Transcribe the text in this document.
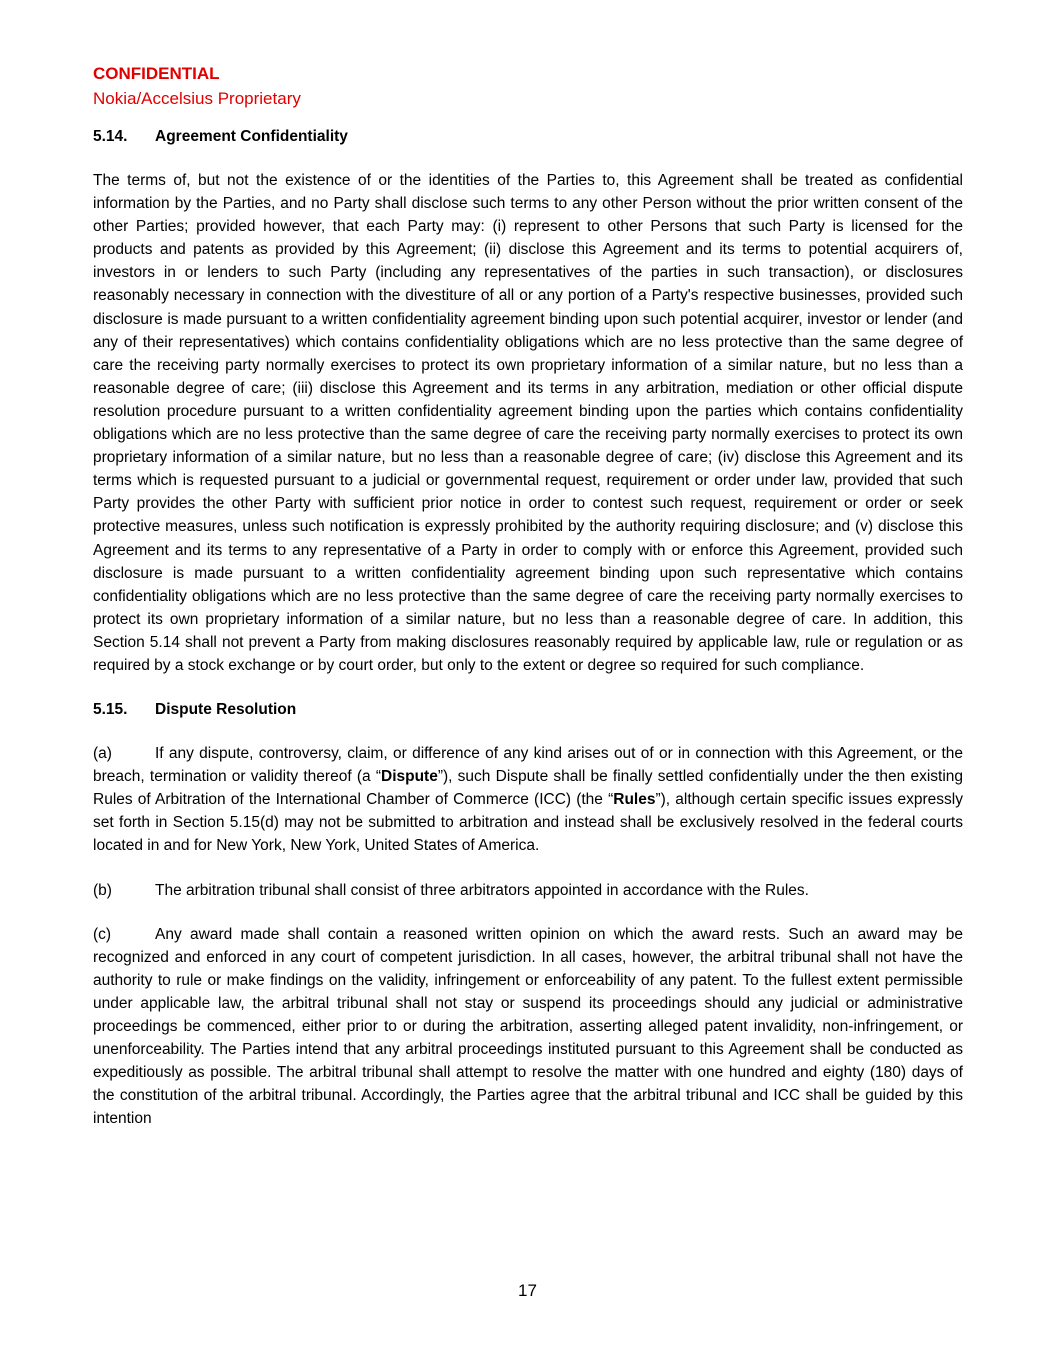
CONFIDENTIAL
Nokia/Accelsius Proprietary
5.14. Agreement Confidentiality
The terms of, but not the existence of or the identities of the Parties to, this Agreement shall be treated as confidential information by the Parties, and no Party shall disclose such terms to any other Person without the prior written consent of the other Parties; provided however, that each Party may: (i) represent to other Persons that such Party is licensed for the products and patents as provided by this Agreement; (ii) disclose this Agreement and its terms to potential acquirers of, investors in or lenders to such Party (including any representatives of the parties in such transaction), or disclosures reasonably necessary in connection with the divestiture of all or any portion of a Party's respective businesses, provided such disclosure is made pursuant to a written confidentiality agreement binding upon such potential acquirer, investor or lender (and any of their representatives) which contains confidentiality obligations which are no less protective than the same degree of care the receiving party normally exercises to protect its own proprietary information of a similar nature, but no less than a reasonable degree of care; (iii) disclose this Agreement and its terms in any arbitration, mediation or other official dispute resolution procedure pursuant to a written confidentiality agreement binding upon the parties which contains confidentiality obligations which are no less protective than the same degree of care the receiving party normally exercises to protect its own proprietary information of a similar nature, but no less than a reasonable degree of care; (iv) disclose this Agreement and its terms which is requested pursuant to a judicial or governmental request, requirement or order under law, provided that such Party provides the other Party with sufficient prior notice in order to contest such request, requirement or order or seek protective measures, unless such notification is expressly prohibited by the authority requiring disclosure; and (v) disclose this Agreement and its terms to any representative of a Party in order to comply with or enforce this Agreement, provided such disclosure is made pursuant to a written confidentiality agreement binding upon such representative which contains confidentiality obligations which are no less protective than the same degree of care the receiving party normally exercises to protect its own proprietary information of a similar nature, but no less than a reasonable degree of care. In addition, this Section 5.14 shall not prevent a Party from making disclosures reasonably required by applicable law, rule or regulation or as required by a stock exchange or by court order, but only to the extent or degree so required for such compliance.
5.15. Dispute Resolution
(a)	If any dispute, controversy, claim, or difference of any kind arises out of or in connection with this Agreement, or the breach, termination or validity thereof (a “Dispute”), such Dispute shall be finally settled confidentially under the then existing Rules of Arbitration of the International Chamber of Commerce (ICC) (the “Rules”), although certain specific issues expressly set forth in Section 5.15(d) may not be submitted to arbitration and instead shall be exclusively resolved in the federal courts located in and for New York, New York, United States of America.
(b)	The arbitration tribunal shall consist of three arbitrators appointed in accordance with the Rules.
(c)	Any award made shall contain a reasoned written opinion on which the award rests. Such an award may be recognized and enforced in any court of competent jurisdiction. In all cases, however, the arbitral tribunal shall not have the authority to rule or make findings on the validity, infringement or enforceability of any patent. To the fullest extent permissible under applicable law, the arbitral tribunal shall not stay or suspend its proceedings should any judicial or administrative proceedings be commenced, either prior to or during the arbitration, asserting alleged patent invalidity, non-infringement, or unenforceability. The Parties intend that any arbitral proceedings instituted pursuant to this Agreement shall be conducted as expeditiously as possible. The arbitral tribunal shall attempt to resolve the matter with one hundred and eighty (180) days of the constitution of the arbitral tribunal. Accordingly, the Parties agree that the arbitral tribunal and ICC shall be guided by this intention
17
